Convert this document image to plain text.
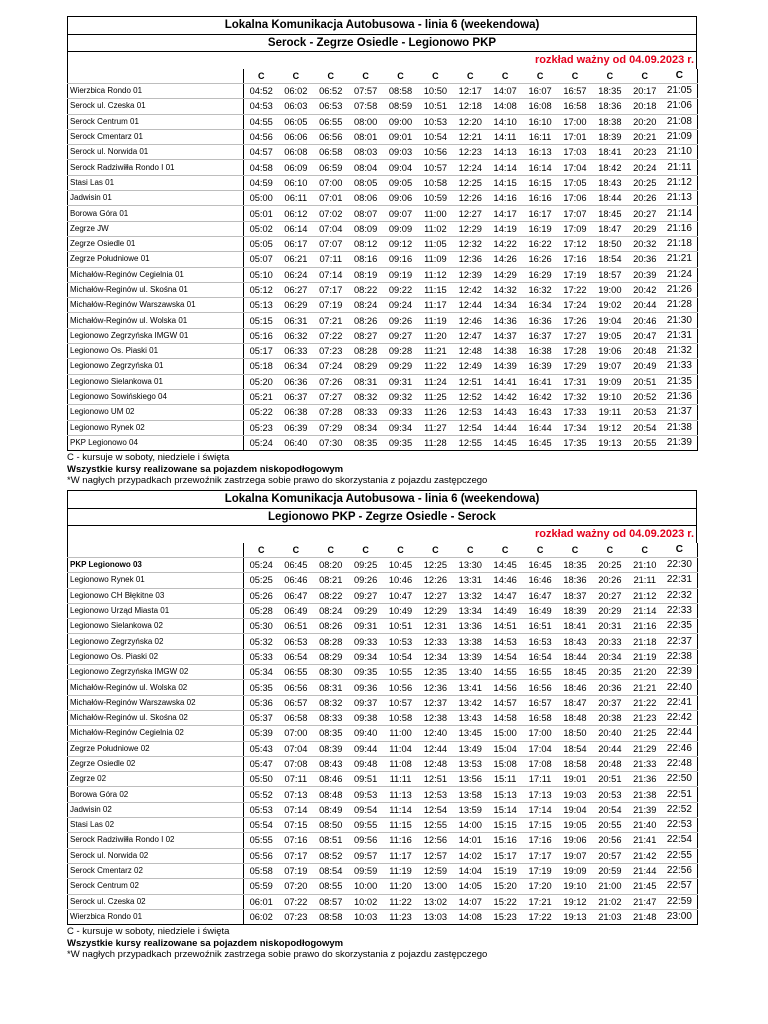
Lokalna Komunikacja Autobusowa - linia 6 (weekendowa)
Serock - Zegrze Osiedle - Legionowo PKP
rozkład ważny od 04.09.2023 r.
	C	C	C	C	C	C	C	C	C	C	C	C	C
Wierzbica Rondo 01	04:52	06:02	06:52	07:57	08:58	10:50	12:17	14:07	16:07	16:57	18:35	20:17	21:05
Serock ul. Czeska 01	04:53	06:03	06:53	07:58	08:59	10:51	12:18	14:08	16:08	16:58	18:36	20:18	21:06
Serock Centrum 01	04:55	06:05	06:55	08:00	09:00	10:53	12:20	14:10	16:10	17:00	18:38	20:20	21:08
Serock Cmentarz 01	04:56	06:06	06:56	08:01	09:01	10:54	12:21	14:11	16:11	17:01	18:39	20:21	21:09
Serock ul. Norwida 01	04:57	06:08	06:58	08:03	09:03	10:56	12:23	14:13	16:13	17:03	18:41	20:23	21:10
Serock Radziwiłła Rondo I 01	04:58	06:09	06:59	08:04	09:04	10:57	12:24	14:14	16:14	17:04	18:42	20:24	21:11
Stasi Las 01	04:59	06:10	07:00	08:05	09:05	10:58	12:25	14:15	16:15	17:05	18:43	20:25	21:12
Jadwisin 01	05:00	06:11	07:01	08:06	09:06	10:59	12:26	14:16	16:16	17:06	18:44	20:26	21:13
Borowa Góra 01	05:01	06:12	07:02	08:07	09:07	11:00	12:27	14:17	16:17	17:07	18:45	20:27	21:14
Zegrze JW	05:02	06:14	07:04	08:09	09:09	11:02	12:29	14:19	16:19	17:09	18:47	20:29	21:16
Zegrze Osiedle 01	05:05	06:17	07:07	08:12	09:12	11:05	12:32	14:22	16:22	17:12	18:50	20:32	21:18
Zegrze Południowe 01	05:07	06:21	07:11	08:16	09:16	11:09	12:36	14:26	16:26	17:16	18:54	20:36	21:21
Michałów-Reginów Cegielnia 01	05:10	06:24	07:14	08:19	09:19	11:12	12:39	14:29	16:29	17:19	18:57	20:39	21:24
Michałów-Reginów ul. Skośna 01	05:12	06:27	07:17	08:22	09:22	11:15	12:42	14:32	16:32	17:22	19:00	20:42	21:26
Michałów-Reginów Warszawska 01	05:13	06:29	07:19	08:24	09:24	11:17	12:44	14:34	16:34	17:24	19:02	20:44	21:28
Michałów-Reginów ul. Wolska 01	05:15	06:31	07:21	08:26	09:26	11:19	12:46	14:36	16:36	17:26	19:04	20:46	21:30
Legionowo Zegrzyńska IMGW 01	05:16	06:32	07:22	08:27	09:27	11:20	12:47	14:37	16:37	17:27	19:05	20:47	21:31
Legionowo Os. Piaski 01	05:17	06:33	07:23	08:28	09:28	11:21	12:48	14:38	16:38	17:28	19:06	20:48	21:32
Legionowo Zegrzyńska 01	05:18	06:34	07:24	08:29	09:29	11:22	12:49	14:39	16:39	17:29	19:07	20:49	21:33
Legionowo Sielankowa 01	05:20	06:36	07:26	08:31	09:31	11:24	12:51	14:41	16:41	17:31	19:09	20:51	21:35
Legionowo Sowińskiego 04	05:21	06:37	07:27	08:32	09:32	11:25	12:52	14:42	16:42	17:32	19:10	20:52	21:36
Legionowo UM 02	05:22	06:38	07:28	08:33	09:33	11:26	12:53	14:43	16:43	17:33	19:11	20:53	21:37
Legionowo Rynek 02	05:23	06:39	07:29	08:34	09:34	11:27	12:54	14:44	16:44	17:34	19:12	20:54	21:38
PKP Legionowo 04	05:24	06:40	07:30	08:35	09:35	11:28	12:55	14:45	16:45	17:35	19:13	20:55	21:39
C - kursuje w soboty, niedziele i święta
Wszystkie kursy realizowane sa pojazdem niskopodłogowym
*W nagłych przypadkach przewoźnik zastrzega sobie prawo do skorzystania z pojazdu zastępczego
Lokalna Komunikacja Autobusowa - linia 6 (weekendowa)
Legionowo PKP - Zegrze Osiedle - Serock
rozkład ważny od 04.09.2023 r.
	C	C	C	C	C	C	C	C	C	C	C	C	C
PKP Legionowo 03	05:24	06:45	08:20	09:25	10:45	12:25	13:30	14:45	16:45	18:35	20:25	21:10	22:30
Legionowo Rynek 01	05:25	06:46	08:21	09:26	10:46	12:26	13:31	14:46	16:46	18:36	20:26	21:11	22:31
Legionowo CH Błękitne 03	05:26	06:47	08:22	09:27	10:47	12:27	13:32	14:47	16:47	18:37	20:27	21:12	22:32
Legionowo Urząd Miasta 01	05:28	06:49	08:24	09:29	10:49	12:29	13:34	14:49	16:49	18:39	20:29	21:14	22:33
Legionowo Sielankowa 02	05:30	06:51	08:26	09:31	10:51	12:31	13:36	14:51	16:51	18:41	20:31	21:16	22:35
Legionowo Zegrzyńska 02	05:32	06:53	08:28	09:33	10:53	12:33	13:38	14:53	16:53	18:43	20:33	21:18	22:37
Legionowo Os. Piaski 02	05:33	06:54	08:29	09:34	10:54	12:34	13:39	14:54	16:54	18:44	20:34	21:19	22:38
Legionowo Zegrzyńska IMGW 02	05:34	06:55	08:30	09:35	10:55	12:35	13:40	14:55	16:55	18:45	20:35	21:20	22:39
Michałów-Reginów ul. Wolska 02	05:35	06:56	08:31	09:36	10:56	12:36	13:41	14:56	16:56	18:46	20:36	21:21	22:40
Michałów-Reginów Warszawska 02	05:36	06:57	08:32	09:37	10:57	12:37	13:42	14:57	16:57	18:47	20:37	21:22	22:41
Michałów-Reginów ul. Skośna 02	05:37	06:58	08:33	09:38	10:58	12:38	13:43	14:58	16:58	18:48	20:38	21:23	22:42
Michałów-Reginów Cegielnia 02	05:39	07:00	08:35	09:40	11:00	12:40	13:45	15:00	17:00	18:50	20:40	21:25	22:44
Zegrze Południowe 02	05:43	07:04	08:39	09:44	11:04	12:44	13:49	15:04	17:04	18:54	20:44	21:29	22:46
Zegrze Osiedle 02	05:47	07:08	08:43	09:48	11:08	12:48	13:53	15:08	17:08	18:58	20:48	21:33	22:48
Zegrze 02	05:50	07:11	08:46	09:51	11:11	12:51	13:56	15:11	17:11	19:01	20:51	21:36	22:50
Borowa Góra 02	05:52	07:13	08:48	09:53	11:13	12:53	13:58	15:13	17:13	19:03	20:53	21:38	22:51
Jadwisin 02	05:53	07:14	08:49	09:54	11:14	12:54	13:59	15:14	17:14	19:04	20:54	21:39	22:52
Stasi Las 02	05:54	07:15	08:50	09:55	11:15	12:55	14:00	15:15	17:15	19:05	20:55	21:40	22:53
Serock Radziwiłła Rondo I 02	05:55	07:16	08:51	09:56	11:16	12:56	14:01	15:16	17:16	19:06	20:56	21:41	22:54
Serock ul. Norwida 02	05:56	07:17	08:52	09:57	11:17	12:57	14:02	15:17	17:17	19:07	20:57	21:42	22:55
Serock Cmentarz 02	05:58	07:19	08:54	09:59	11:19	12:59	14:04	15:19	17:19	19:09	20:59	21:44	22:56
Serock Centrum 02	05:59	07:20	08:55	10:00	11:20	13:00	14:05	15:20	17:20	19:10	21:00	21:45	22:57
Serock ul. Czeska 02	06:01	07:22	08:57	10:02	11:22	13:02	14:07	15:22	17:21	19:12	21:02	21:47	22:59
Wierzbica Rondo 01	06:02	07:23	08:58	10:03	11:23	13:03	14:08	15:23	17:22	19:13	21:03	21:48	23:00
C - kursuje w soboty, niedziele i święta
Wszystkie kursy realizowane sa pojazdem niskopodłogowym
*W nagłych przypadkach przewoźnik zastrzega sobie prawo do skorzystania z pojazdu zastępczego
